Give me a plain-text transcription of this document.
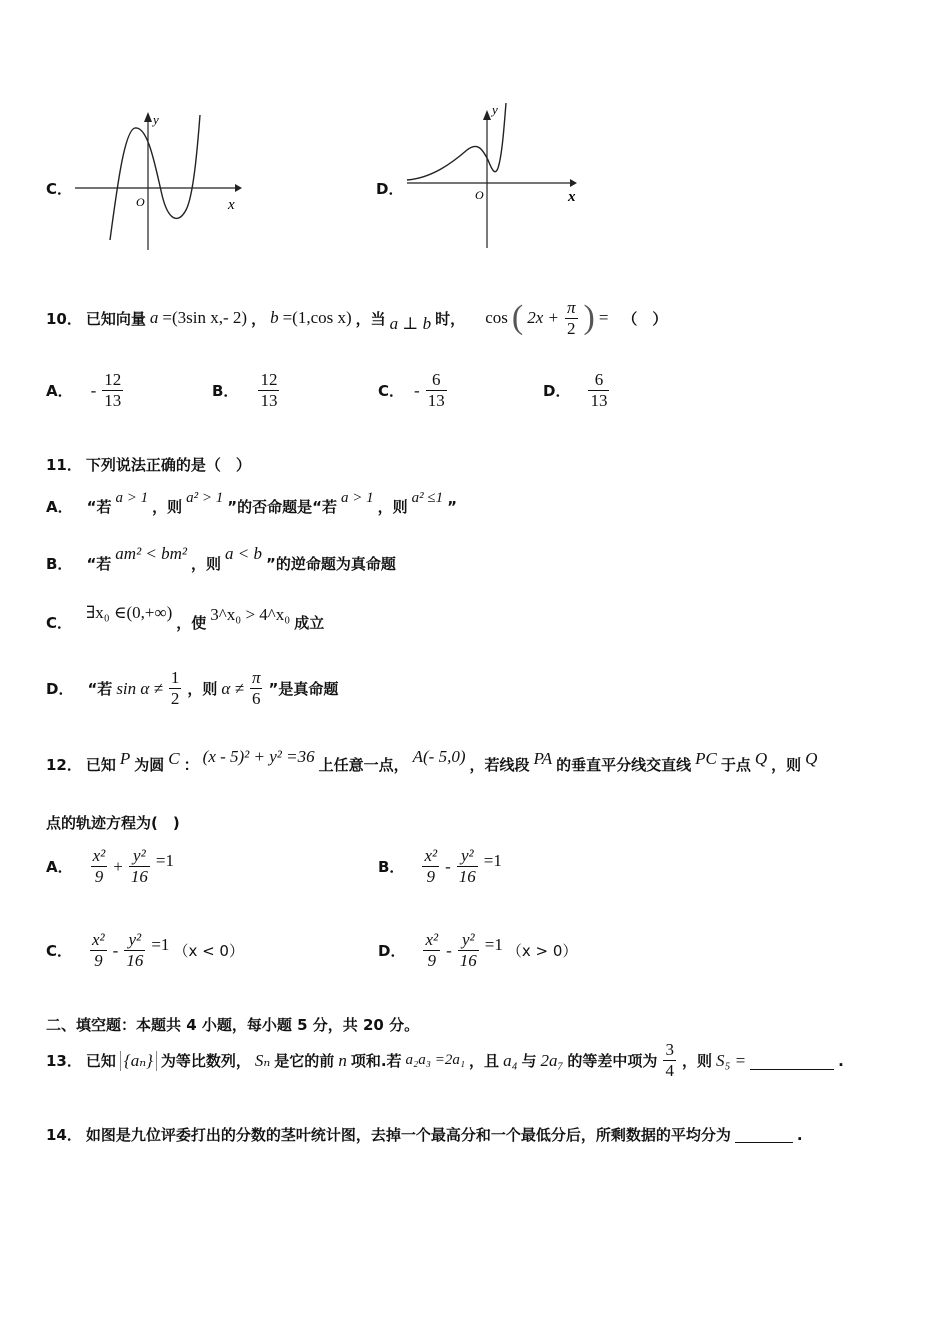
C．
y
x
O
D．
y
x
O
10． 已知向量 a =(3sin x,- 2) ， b =(1,cos x) ，当 a ⊥ b 时， cos ( $2x + \frac{\pi}{2}$ ) = （　）
A． - $\frac{12}{13}$	B． $\frac{12}{13}$	C． - $\frac{6}{13}$	D． $\frac{6}{13}$
11． 下列说法正确的是（　）
A． “若 a > 1 ，则 a² > 1 ”的否命题是“若 a > 1 ，则 a² ≤1 ”
B． “若
am² < bm²
，则
a < b
”的逆命题为真命题
C．
∃x₀ ∈(0,+∞)
，使 3^x₀ > 4^x₀ 成立
D． “若 $\sin \alpha \ne \frac{1}{2}$ ，则 $\alpha \ne \frac{\pi}{6}$ ”是真命题
12． 已知 P 为圆 C ： (x - 5)² + y² =36 上任意一点， A(- 5,0) ，若线段 PA 的垂直平分线交直线 PC 于点 Q ，则 Q
点的轨迹方程为(　)
A． $\frac{\text{x²}}{9} + \frac{\text{y²}}{16} =1$	B． $\frac{\text{x²}}{9} - \frac{\text{y²}}{16} =1$
C． $\frac{\text{x²}}{9} - \frac{\text{y²}}{16} =1$ （x < 0）	D． $\frac{\text{x²}}{9} - \frac{\text{y²}}{16} =1$ （x > 0）
二、填空题：本题共 4 小题，每小题 5 分，共 20 分。
13． 已知 {aₙ} 为等比数列， Sₙ 是它的前 n 项和.若 a₂a₃ =2a₁ ，且 a₄ 与 2a₇ 的等差中项为 $\frac{3}{4}$ ，则 S₅ =	.
14． 如图是九位评委打出的分数的茎叶统计图，去掉一个最高分和一个最低分后，所剩数据的平均分为	.
